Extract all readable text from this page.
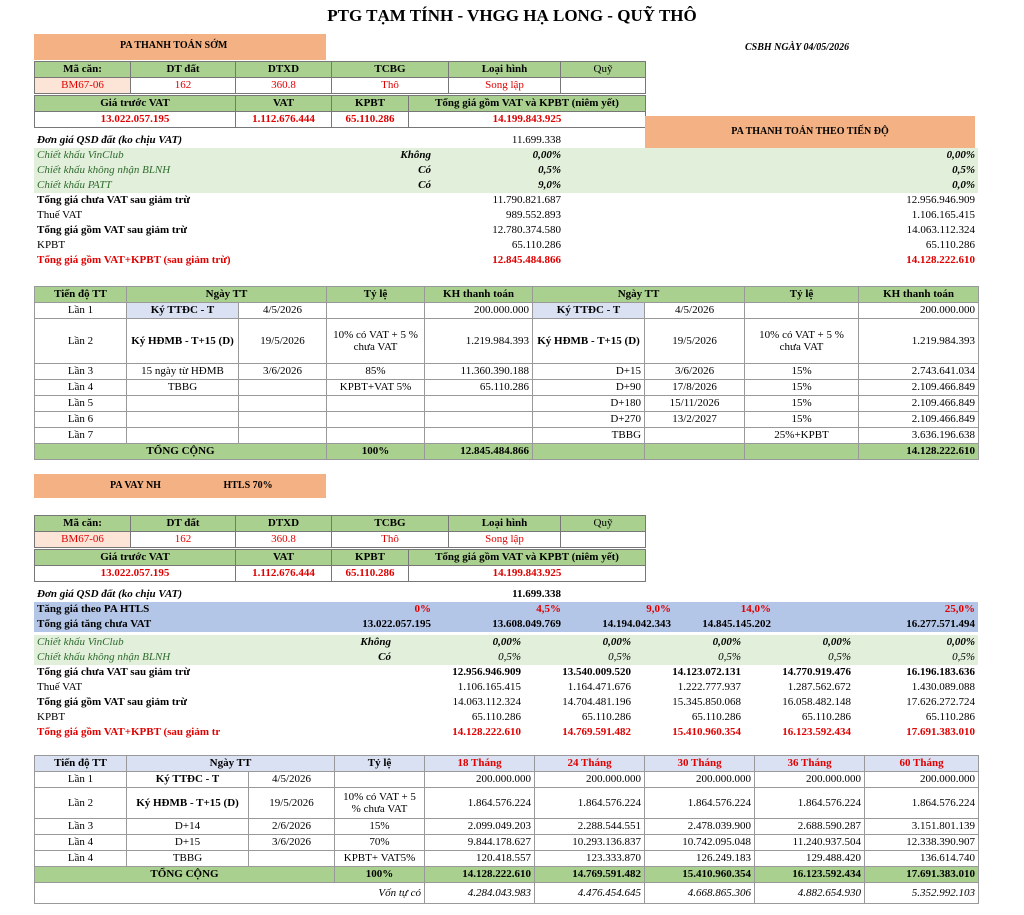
PTG TẠM TÍNH - VHGG HẠ LONG - QUỸ THÔ
CSBH NGÀY 04/05/2026
PA THANH TOÁN SỚM
Mã căn:	DT đất	DTXD	TCBG	Loại hình	Quỹ
BM67-06	162	360.8	Thô	Song lập	
Giá trước VAT	VAT	KPBT	Tổng giá gồm VAT và KPBT (niêm yết)
13.022.057.195	1.112.676.444	65.110.286	14.199.843.925
PA THANH TOÁN THEO TIẾN ĐỘ
Đơn giá QSD đất (ko chịu VAT)		11.699.338	
Chiết khấu VinClub	Không	0,00%	0,00%
Chiết khấu không nhận BLNH	Có	0,5%	0,5%
Chiết khấu PATT	Có	9,0%	0,0%
Tổng giá chưa VAT sau giảm trừ		11.790.821.687	12.956.946.909
Thuế VAT		989.552.893	1.106.165.415
Tổng giá gồm VAT sau giảm trừ		12.780.374.580	14.063.112.324
KPBT		65.110.286	65.110.286
Tổng giá gồm VAT+KPBT (sau giảm trừ)		12.845.484.866	14.128.222.610
Tiến độ TT	Ngày TT		Tỷ lệ	KH thanh toán	Ngày TT		Tỷ lệ	KH thanh toán
Lần 1	Ký TTĐC - T	4/5/2026		200.000.000	Ký TTĐC - T	4/5/2026		200.000.000
Lần 2	Ký HĐMB - T+15 (D)	19/5/2026	10% có VAT + 5 % chưa VAT	1.219.984.393	Ký HĐMB - T+15 (D)	19/5/2026	10% có VAT + 5 % chưa VAT	1.219.984.393
Lần 3	15 ngày từ HĐMB	3/6/2026	85%	11.360.390.188	D+15	3/6/2026	15%	2.743.641.034
Lần 4	TBBG		KPBT+VAT 5%	65.110.286	D+90	17/8/2026	15%	2.109.466.849
Lần 5					D+180	15/11/2026	15%	2.109.466.849
Lần 6					D+270	13/2/2027	15%	2.109.466.849
Lần 7					TBBG		25%+KPBT	3.636.196.638
TỔNG CỘNG			100%	12.845.484.866				14.128.222.610
PA VAY NH	HTLS 70%
Mã căn:	DT đất	DTXD	TCBG	Loại hình	Quỹ
BM67-06	162	360.8	Thô	Song lập	
Giá trước VAT	VAT	KPBT	Tổng giá gồm VAT và KPBT (niêm yết)
13.022.057.195	1.112.676.444	65.110.286	14.199.843.925
Đơn giá QSD đất (ko chịu VAT)		11.699.338				
Tăng giá theo PA HTLS	0%	4,5%	9,0%	14,0%	25,0%	
Tổng giá tăng chưa VAT	13.022.057.195	13.608.049.769	14.194.042.343	14.845.145.202	16.277.571.494	
Chiết khấu VinClub	Không	0,00%	0,00%	0,00%	0,00%	0,00%
Chiết khấu không nhận BLNH	Có	0,5%	0,5%	0,5%	0,5%	0,5%
Tổng giá chưa VAT sau giảm trừ		12.956.946.909	13.540.009.520	14.123.072.131	14.770.919.476	16.196.183.636
Thuế VAT		1.106.165.415	1.164.471.676	1.222.777.937	1.287.562.672	1.430.089.088
Tổng giá gồm VAT sau giảm trừ		14.063.112.324	14.704.481.196	15.345.850.068	16.058.482.148	17.626.272.724
KPBT		65.110.286	65.110.286	65.110.286	65.110.286	65.110.286
Tổng giá gồm VAT+KPBT (sau giảm tr		14.128.222.610	14.769.591.482	15.410.960.354	16.123.592.434	17.691.383.010
Tiến độ TT	Ngày TT		Tỷ lệ	18 Tháng	24 Tháng	30 Tháng	36 Tháng	60 Tháng
Lần 1	Ký TTĐC - T	4/5/2026		200.000.000	200.000.000	200.000.000	200.000.000	200.000.000
Lần 2	Ký HĐMB - T+15 (D)	19/5/2026	10% có VAT + 5 % chưa VAT	1.864.576.224	1.864.576.224	1.864.576.224	1.864.576.224	1.864.576.224
Lần 3	D+14	2/6/2026	15%	2.099.049.203	2.288.544.551	2.478.039.900	2.688.590.287	3.151.801.139
Lần 4	D+15	3/6/2026	70%	9.844.178.627	10.293.136.837	10.742.095.048	11.240.937.504	12.338.390.907
Lần 4	TBBG		KPBT+ VAT5%	120.418.557	123.333.870	126.249.183	129.488.420	136.614.740
TỔNG CỘNG			100%	14.128.222.610	14.769.591.482	15.410.960.354	16.123.592.434	17.691.383.010
Vốn tự có				4.284.043.983	4.476.454.645	4.668.865.306	4.882.654.930	5.352.992.103
